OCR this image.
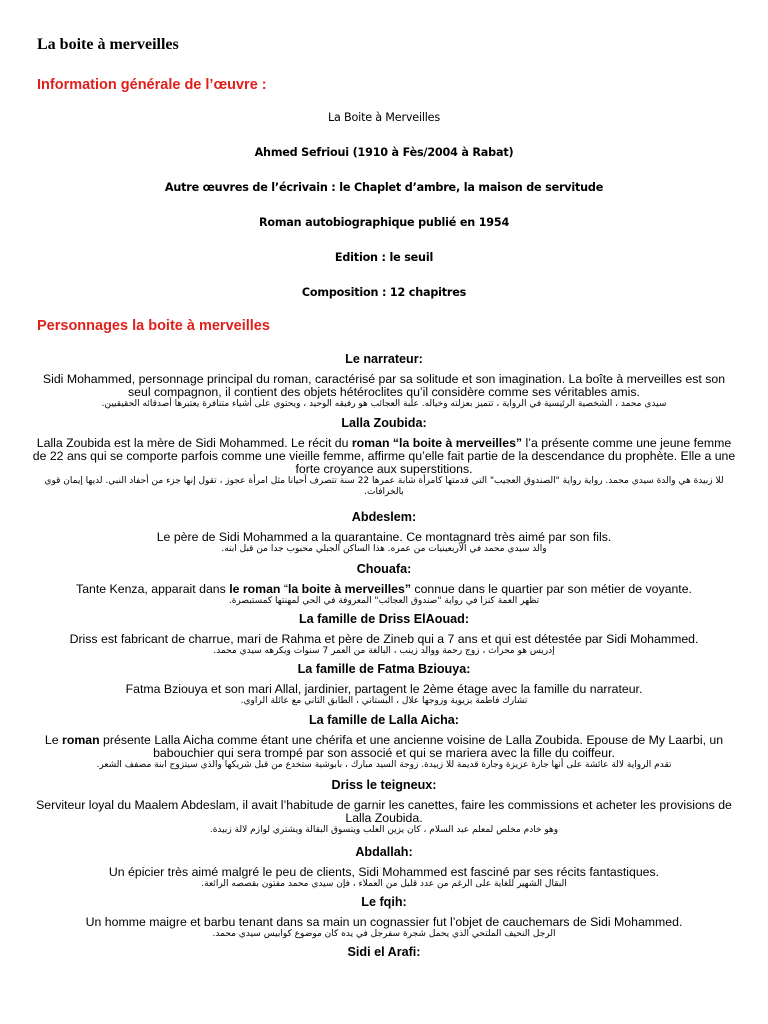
La boite à merveilles
Information générale de l’œuvre :
La Boite à Merveilles
Ahmed Sefrioui (1910 à Fès/2004 à Rabat)
Autre œuvres de l’écrivain : le Chaplet d’ambre, la maison de servitude
Roman autobiographique publié en 1954
Edition : le seuil
Composition : 12 chapitres
Personnages la boite à merveilles
Le narrateur:

Sidi Mohammed, personnage principal du roman, caractérisé par sa solitude et son imagination. La boîte à merveilles est son seul compagnon, il contient des objets hétéroclites qu’il considère comme ses véritables amis.

سيدي محمد ، الشخصية الرئيسية في الرواية ، تتميز بعزلته وخياله. علبة العجائب هو رفيقه الوحيد ، ويحتوي على أشياء متنافرة يعتبرها أصدقائه الحقيقيين.

Lalla Zoubida:

Lalla Zoubida est la mère de Sidi Mohammed. Le récit du roman “la boite à merveilles” l’a présente comme une jeune femme de 22 ans qui se comporte parfois comme une vieille femme, affirme qu’elle fait partie de la descendance du prophète. Elle a une forte croyance aux superstitions.

للا زبيدة هي والدة سيدي محمد. رواية رواية "الصندوق العجيب" التي قدمتها كامرأة شابة عمرها 22 سنة تتصرف أحيانا مثل امرأة عجوز ، تقول إنها جزء من أحفاد النبي. لديها إيمان قوي بالخرافات.

Abdeslem:

Le père de Sidi Mohammed a la quarantaine. Ce montagnard très aimé par son fils.

والد سيدي محمد في الأربعينيات من عمره. هذا الساكن الجبلي محبوب جدا من قبل ابنه.

Chouafa:

Tante Kenza, apparait dans le roman “la boite à merveilles” connue dans le quartier par son métier de voyante.

تظهر العمة كنزا في رواية "صندوق العجائب" المعروفة في الحي لمهنتها كمستبصرة.

La famille de Driss ElAouad:

Driss est fabricant de charrue, mari de Rahma et père de Zineb qui a 7 ans et qui est détestée par Sidi Mohammed.

إدريس هو محراث ، زوج رحمة ووالد زينب ، البالغة من العمر 7 سنوات ويكرهه سيدي محمد.

La famille de Fatma Bziouya:

Fatma Bziouya et son mari Allal, jardinier, partagent le 2ème étage avec la famille du narrateur.

تشارك فاطمة بزيوية وزوجها علال ، البستاني ، الطابق الثاني مع عائلة الراوي.

La famille de Lalla Aicha:

Le roman présente Lalla Aicha comme étant une chérifa et une ancienne voisine de Lalla Zoubida. Epouse de My Laarbi, un babouchier qui sera trompé par son associé et qui se mariera avec la fille du coiffeur.

تقدم الرواية لالة عائشة على أنها جارة عزيزة وجارة قديمة للا زبيدة. زوجة السيد مبارك ، بابوشية ستخدع من قبل شريكها والذي سيتزوج ابنة مصفف الشعر.

Driss le teigneux:

Serviteur loyal du Maalem Abdeslam, il avait l’habitude de garnir les canettes, faire les commissions et acheter les provisions de Lalla Zoubida.

وهو خادم مخلص لمعلم عبد السلام ، كان يزين العلب ويتسوق البقالة ويشتري لوازم لالة زبيدة.

Abdallah:

Un épicier très aimé malgré le peu de clients, Sidi Mohammed est fasciné par ses récits fantastiques.

البقال الشهير للغاية على الرغم من عدد قليل من العملاء ، فإن سيدي محمد مفتون بقصصه الرائعة.

Le fqih:

Un homme maigre et barbu tenant dans sa main un cognassier fut l’objet de cauchemars de Sidi Mohammed.

الرجل النحيف الملتحي الذي يحمل شجرة سفرجل في يده كان موضوع كوابيس سيدي محمد.

Sidi el Arafi:
